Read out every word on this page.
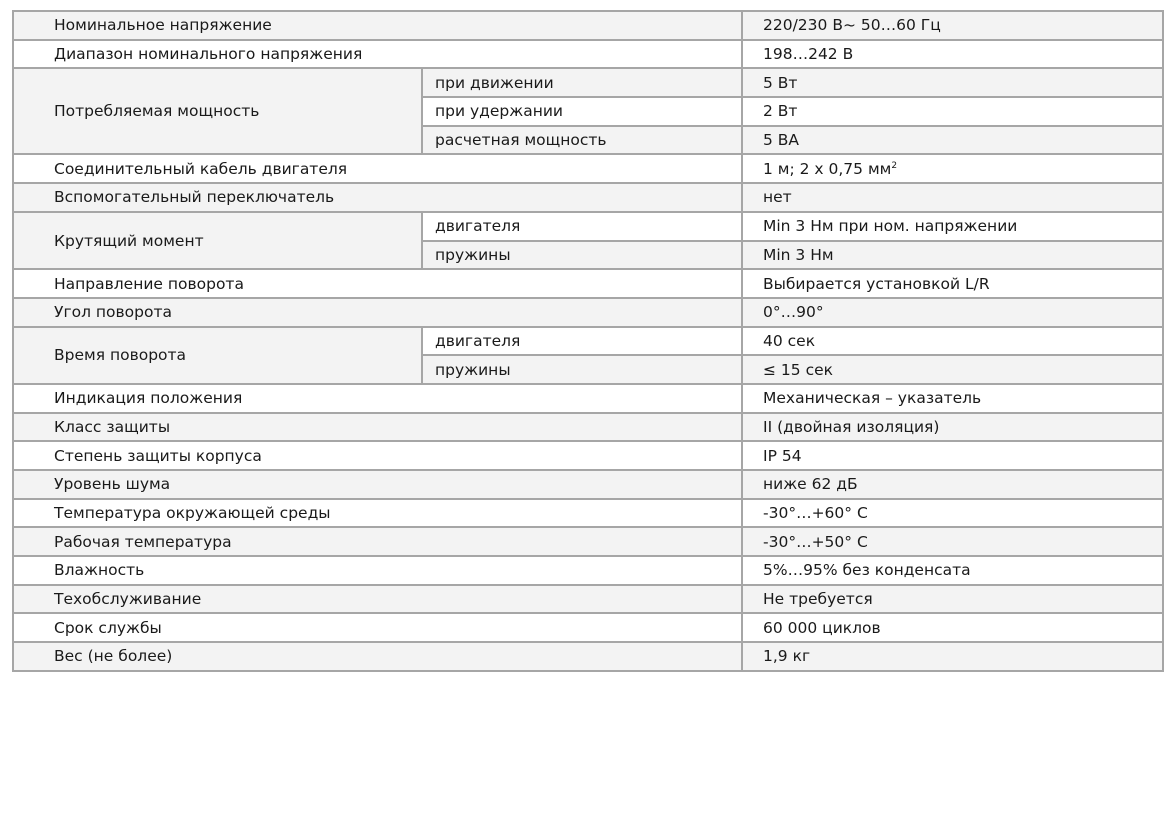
Номинальное напряжение		220/230 В~ 50…60 Гц
Диапазон номинального напряжения		198…242 В
Потребляемая мощность	при движении	5 Вт
	при удержании	2 Вт
	расчетная мощность	5 ВА
Соединительный кабель двигателя		1 м; 2 х 0,75 $мм^2$
Вспомогательный переключатель		нет
Крутящий момент	двигателя	Min 3 Нм при ном. напряжении
	пружины	Min 3 Нм
Направление поворота		Выбирается установкой L/R
Угол поворота		0°…90°
Время поворота	двигателя	40 сек
	пружины	≤ 15 сек
Индикация положения		Механическая – указатель
Класс защиты		II (двойная изоляция)
Степень защиты корпуса		IP 54
Уровень шума		ниже 62 дБ
Температура окружающей среды		-30°…+60° С
Рабочая температура		-30°…+50° С
Влажность		5%…95% без конденсата
Техобслуживание		Не требуется
Срок службы		60 000 циклов
Вес (не более)		1,9 кг
